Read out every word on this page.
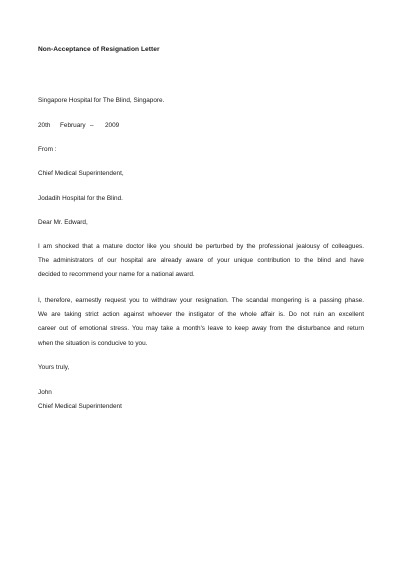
Non-Acceptance of Resignation Letter
Singapore Hospital for The Blind, Singapore.
20th February – 2009
From :
Chief Medical Superintendent,
Jodadih Hospital for the Blind.
Dear Mr. Edward,
I am shocked that a mature doctor like you should be perturbed by the professional jealousy of colleagues.
The administrators of our hospital are already aware of your unique contribution to the blind and have
decided to recommend your name for a national award.
I, therefore, earnestly request you to withdraw your resignation. The scandal mongering is a passing phase.
We are taking strict action against whoever the instigator of the whole affair is. Do not ruin an excellent
career out of emotional stress. You may take a month's leave to keep away from the disturbance and return
when the situation is conducive to you.
Yours truly,
John
Chief Medical Superintendent
